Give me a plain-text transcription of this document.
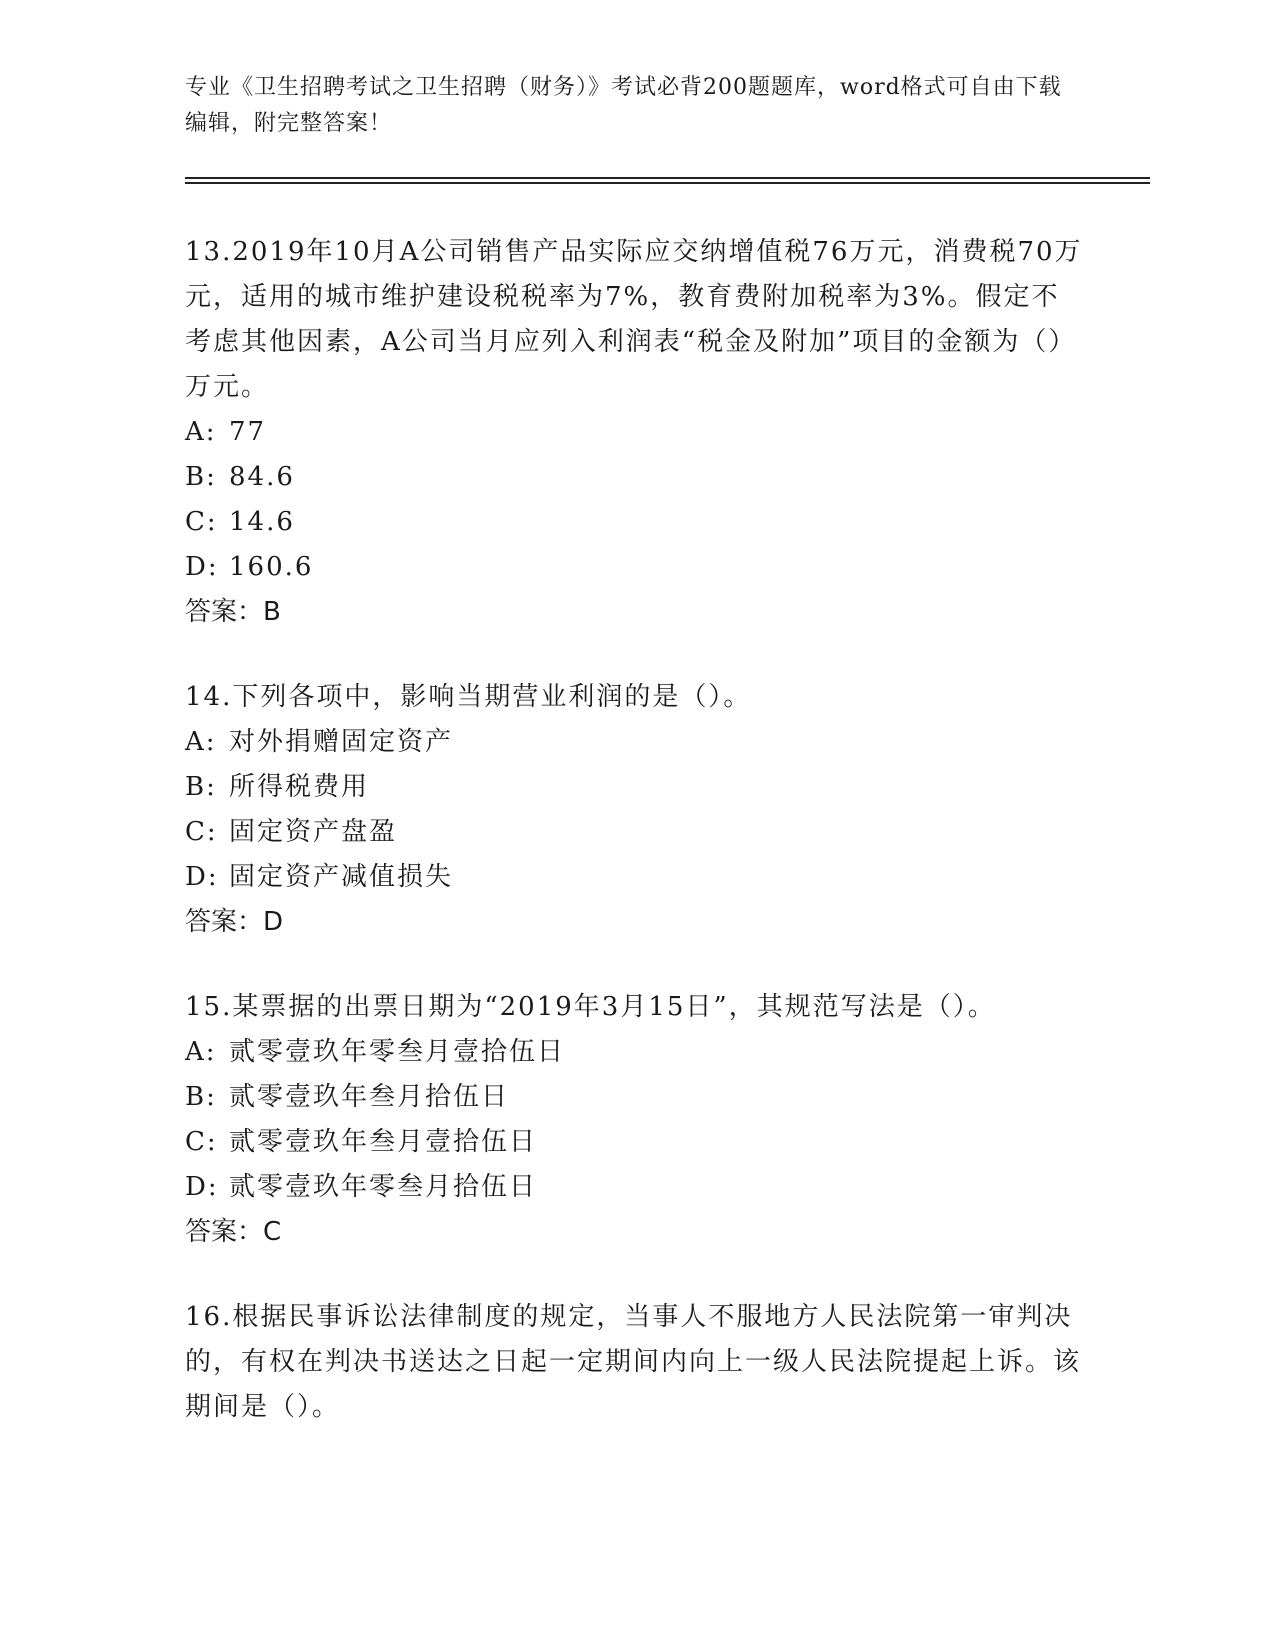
专业《卫生招聘考试之卫生招聘（财务）》考试必背200题题库，word格式可自由下载编辑，附完整答案！

13.2019年10月A公司销售产品实际应交纳增值税76万元，消费税70万元，适用的城市维护建设税税率为7%，教育费附加税率为3%。假定不考虑其他因素，A公司当月应列入利润表“税金及附加”项目的金额为（）万元。

A: 77

B: 84.6

C: 14.6

D: 160.6

答案：B

14.下列各项中，影响当期营业利润的是（）。

A: 对外捐赠固定资产

B: 所得税费用

C: 固定资产盘盈

D: 固定资产减值损失

答案：D

15.某票据的出票日期为“2019年3月15日”，其规范写法是（）。

A: 贰零壹玖年零叁月壹拾伍日

B: 贰零壹玖年叁月拾伍日

C: 贰零壹玖年叁月壹拾伍日

D: 贰零壹玖年零叁月拾伍日

答案：C

16.根据民事诉讼法律制度的规定，当事人不服地方人民法院第一审判决的，有权在判决书送达之日起一定期间内向上一级人民法院提起上诉。该期间是（）。
